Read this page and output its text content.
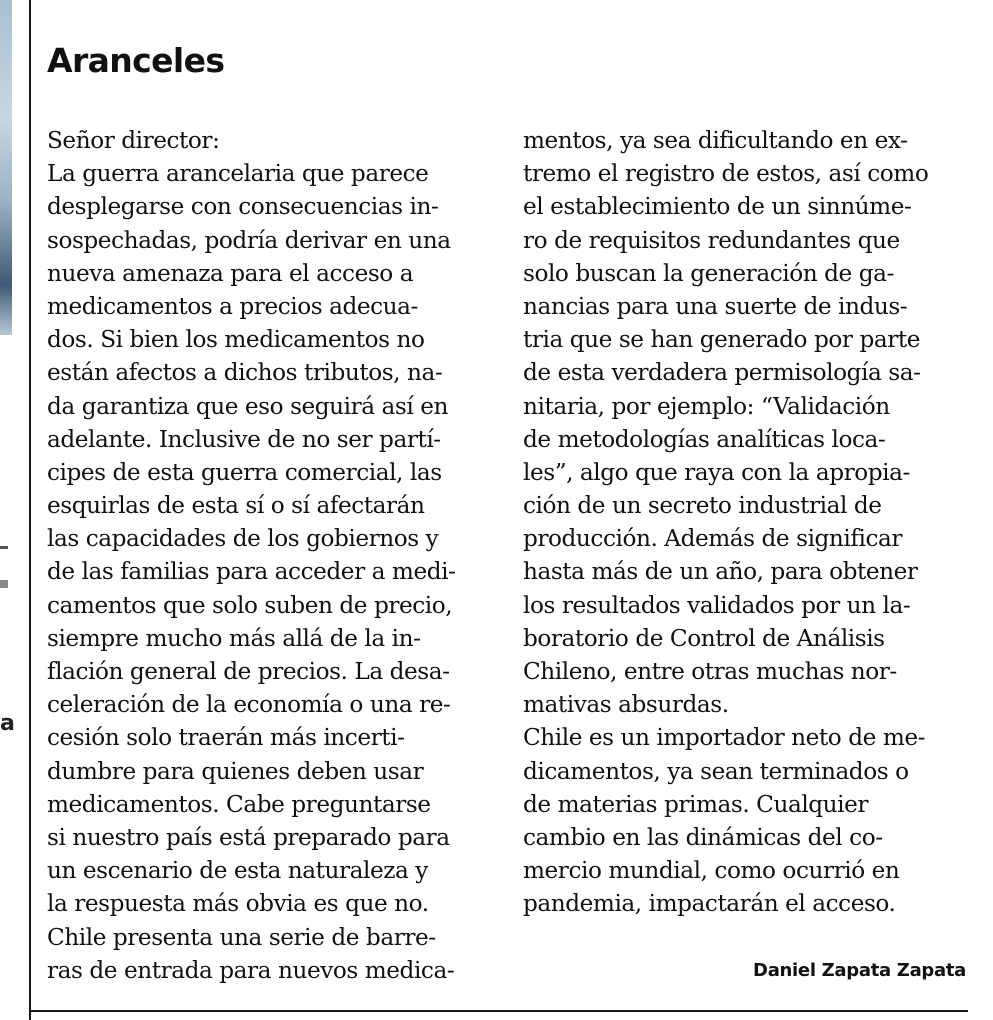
a
Aranceles
Señor director:
La guerra arancelaria que parece
desplegarse con consecuencias in-
sospechadas, podría derivar en una
nueva amenaza para el acceso a
medicamentos a precios adecua-
dos. Si bien los medicamentos no
están afectos a dichos tributos, na-
da garantiza que eso seguirá así en
adelante. Inclusive de no ser partí-
cipes de esta guerra comercial, las
esquirlas de esta sí o sí afectarán
las capacidades de los gobiernos y
de las familias para acceder a medi-
camentos que solo suben de precio,
siempre mucho más allá de la in-
flación general de precios. La desa-
celeración de la economía o una re-
cesión solo traerán más incerti-
dumbre para quienes deben usar
medicamentos. Cabe preguntarse
si nuestro país está preparado para
un escenario de esta naturaleza y
la respuesta más obvia es que no.
Chile presenta una serie de barre-
ras de entrada para nuevos medica-
mentos, ya sea dificultando en ex-
tremo el registro de estos, así como
el establecimiento de un sinnúme-
ro de requisitos redundantes que
solo buscan la generación de ga-
nancias para una suerte de indus-
tria que se han generado por parte
de esta verdadera permisología sa-
nitaria, por ejemplo: “Validación
de metodologías analíticas loca-
les”, algo que raya con la apropia-
ción de un secreto industrial de
producción. Además de significar
hasta más de un año, para obtener
los resultados validados por un la-
boratorio de Control de Análisis
Chileno, entre otras muchas nor-
mativas absurdas.
Chile es un importador neto de me-
dicamentos, ya sean terminados o
de materias primas. Cualquier
cambio en las dinámicas del co-
mercio mundial, como ocurrió en
pandemia, impactarán el acceso.

Daniel Zapata Zapata
